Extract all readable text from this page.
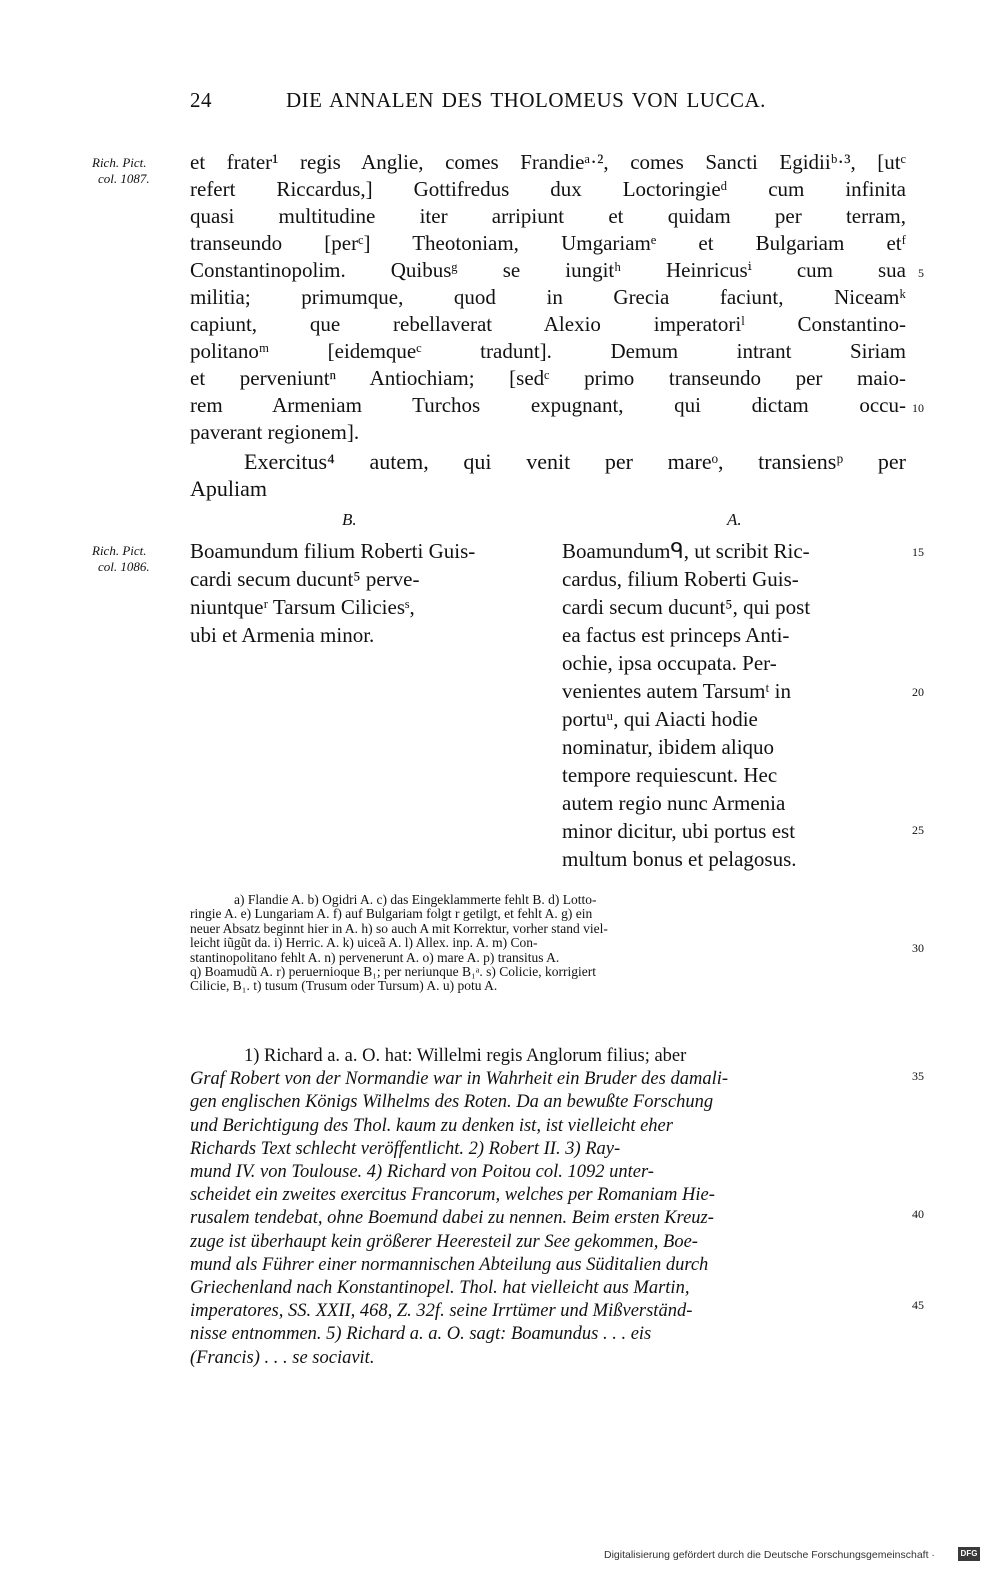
24	DIE ANNALEN DES THOLOMEUS VON LUCCA.
Rich. Pict.
col. 1087.
Rich. Pict.
col. 1086.
et frater¹ regis Anglie, comes Frandieᵃ·², comes Sancti Egidiiᵇ·³, [utᶜ
refert Riccardus,] Gottifredus dux Loctoringieᵈ cum infinita
quasi multitudine iter arripiunt et quidam per terram,
transeundo [perᶜ] Theotoniam, Umgariamᵉ et Bulgariam etᶠ
Constantinopolim. Quibusᵍ se iungitʰ Heinricusⁱ cum sua
militia; primumque, quod in Grecia faciunt, Niceamᵏ
capiunt, que rebellaverat Alexio imperatoriˡ Constantino-
politanoᵐ [eidemqueᶜ tradunt]. Demum intrant Siriam
et perveniuntⁿ Antiochiam; [sedᶜ primo transeundo per maio-
rem Armeniam Turchos expugnant, qui dictam occu-
paverant regionem].
Exercitus⁴ autem, qui venit per mareᵒ, transiensᵖ per
Apuliam
B.	A.
Boamundum filium Roberti Guis-
cardi secum ducunt⁵ perve-
niuntqueʳ Tarsum Ciliciesˢ,
ubi et Armenia minor.
Boamundumᑫ, ut scribit Ric-
cardus, filium Roberti Guis-
cardi secum ducunt⁵, qui post
ea factus est princeps Anti-
ochie, ipsa occupata. Per-
venientes autem Tarsumᵗ in
portuᵘ, qui Aiacti hodie
nominatur, ibidem aliquo
tempore requiescunt. Hec
autem regio nunc Armenia
minor dicitur, ubi portus est
multum bonus et pelagosus.
5
10
15
20
25
30
35
40
45
a) Flandie A. b) Ogidri A. c) das Eingeklammerte fehlt B. d) Lotto-
ringie A. e) Lungariam A. f) auf Bulgariam folgt r getilgt, et fehlt A. g) ein
neuer Absatz beginnt hier in A. h) so auch A mit Korrektur, vorher stand viel-
leicht iũgũt da. i) Herric. A. k) uiceã A. l) Allex. inp. A. m) Con-
stantinopolitano fehlt A. n) pervenerunt A. o) mare A. p) transitus A.
q) Boamudũ A. r) peruernioque B₁; per neriunque B₁ᵃ. s) Colicie, korrigiert
Cilicie, B₁. t) tusum (Trusum oder Tursum) A. u) potu A.
1) Richard a. a. O. hat: Willelmi regis Anglorum filius; aber
Graf Robert von der Normandie war in Wahrheit ein Bruder des damali-
gen englischen Königs Wilhelms des Roten. Da an bewußte Forschung
und Berichtigung des Thol. kaum zu denken ist, ist vielleicht eher
Richards Text schlecht veröffentlicht. 2) Robert II. 3) Ray-
mund IV. von Toulouse. 4) Richard von Poitou col. 1092 unter-
scheidet ein zweites exercitus Francorum, welches per Romaniam Hie-
rusalem tendebat, ohne Boemund dabei zu nennen. Beim ersten Kreuz-
zuge ist überhaupt kein größerer Heeresteil zur See gekommen, Boe-
mund als Führer einer normannischen Abteilung aus Süditalien durch
Griechenland nach Konstantinopel. Thol. hat vielleicht aus Martin,
imperatores, SS. XXII, 468, Z. 32f. seine Irrtümer und Mißverständ-
nisse entnommen. 5) Richard a. a. O. sagt: Boamundus . . . eis
(Francis) . . . se sociavit.
Digitalisierung gefördert durch die Deutsche Forschungsgemeinschaft ·	DFG
